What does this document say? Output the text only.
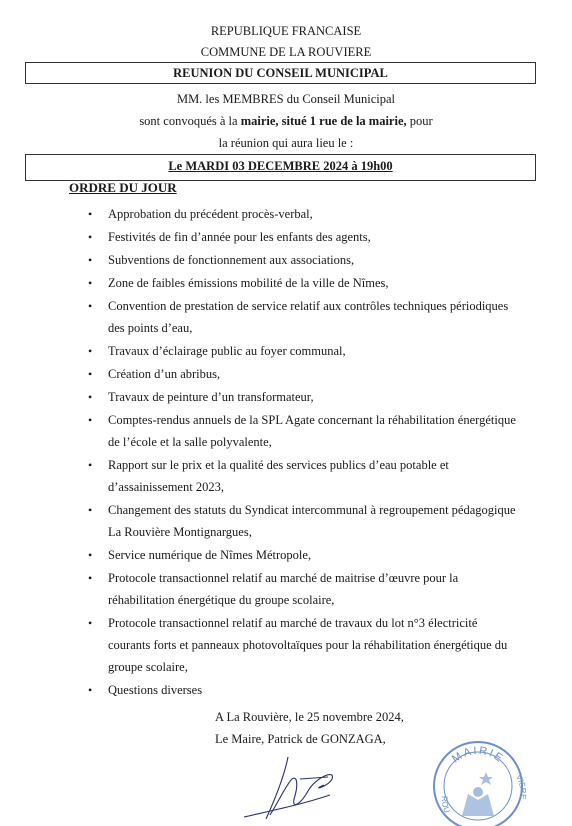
REPUBLIQUE FRANCAISE
COMMUNE DE LA ROUVIERE
REUNION DU CONSEIL MUNICIPAL
MM. les MEMBRES du Conseil Municipal
sont convoqués à la mairie, situé 1 rue de la mairie, pour
la réunion qui aura lieu le :
Le MARDI 03 DECEMBRE 2024 à 19h00
ORDRE DU JOUR
• Approbation du précédent procès-verbal,
• Festivités de fin d’année pour les enfants des agents,
• Subventions de fonctionnement aux associations,
• Zone de faibles émissions mobilité de la ville de Nîmes,
• Convention de prestation de service relatif aux contrôles techniques périodiques
des points d’eau,
• Travaux d’éclairage public au foyer communal,
• Création d’un abribus,
• Travaux de peinture d’un transformateur,
• Comptes-rendus annuels de la SPL Agate concernant la réhabilitation énergétique
de l’école et la salle polyvalente,
• Rapport sur le prix et la qualité des services publics d’eau potable et
d’assainissement 2023,
• Changement des statuts du Syndicat intercommunal à regroupement pédagogique
La Rouvière Montignargues,
• Service numérique de Nîmes Métropole,
• Protocole transactionnel relatif au marché de maitrise d’œuvre pour la
réhabilitation énergétique du groupe scolaire,
• Protocole transactionnel relatif au marché de travaux du lot n°3 électricité
courants forts et panneaux photovoltaïques pour la réhabilitation énergétique du
groupe scolaire,
• Questions diverses
A La Rouvière, le 25 novembre 2024,
Le Maire, Patrick de GONZAGA,
MAIRIE
VIERE
ROU
